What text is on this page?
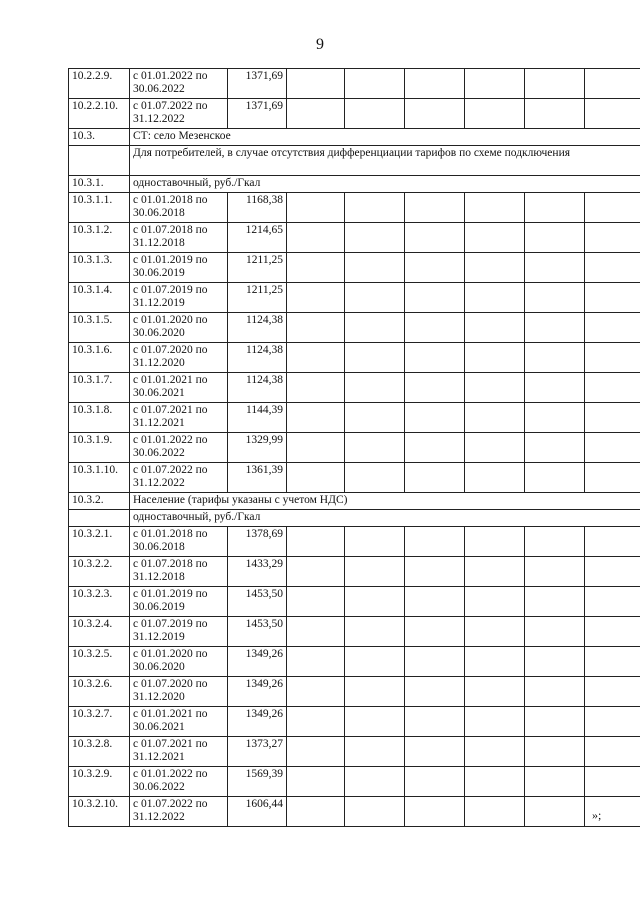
9
10.2.2.9.	с 01.01.2022 по 30.06.2022	1371,69						
10.2.2.10.	с 01.07.2022 по 31.12.2022	1371,69						
10.3.	СТ: село Мезенское							
	Для потребителей, в случае отсутствия дифференциации тарифов по схеме подключения							
10.3.1.	одноставочный, руб./Гкал							
10.3.1.1.	с 01.01.2018 по 30.06.2018	1168,38						
10.3.1.2.	с 01.07.2018 по 31.12.2018	1214,65						
10.3.1.3.	с 01.01.2019 по 30.06.2019	1211,25						
10.3.1.4.	с 01.07.2019 по 31.12.2019	1211,25						
10.3.1.5.	с 01.01.2020 по 30.06.2020	1124,38						
10.3.1.6.	с 01.07.2020 по 31.12.2020	1124,38						
10.3.1.7.	с 01.01.2021 по 30.06.2021	1124,38						
10.3.1.8.	с 01.07.2021 по 31.12.2021	1144,39						
10.3.1.9.	с 01.01.2022 по 30.06.2022	1329,99						
10.3.1.10.	с 01.07.2022 по 31.12.2022	1361,39						
10.3.2.	Население (тарифы указаны с учетом НДС)							
	одноставочный, руб./Гкал							
10.3.2.1.	с 01.01.2018 по 30.06.2018	1378,69						
10.3.2.2.	с 01.07.2018 по 31.12.2018	1433,29						
10.3.2.3.	с 01.01.2019 по 30.06.2019	1453,50						
10.3.2.4.	с 01.07.2019 по 31.12.2019	1453,50						
10.3.2.5.	с 01.01.2020 по 30.06.2020	1349,26						
10.3.2.6.	с 01.07.2020 по 31.12.2020	1349,26						
10.3.2.7.	с 01.01.2021 по 30.06.2021	1349,26						
10.3.2.8.	с 01.07.2021 по 31.12.2021	1373,27						
10.3.2.9.	с 01.01.2022 по 30.06.2022	1569,39						
10.3.2.10.	с 01.07.2022 по 31.12.2022	1606,44						
»;
